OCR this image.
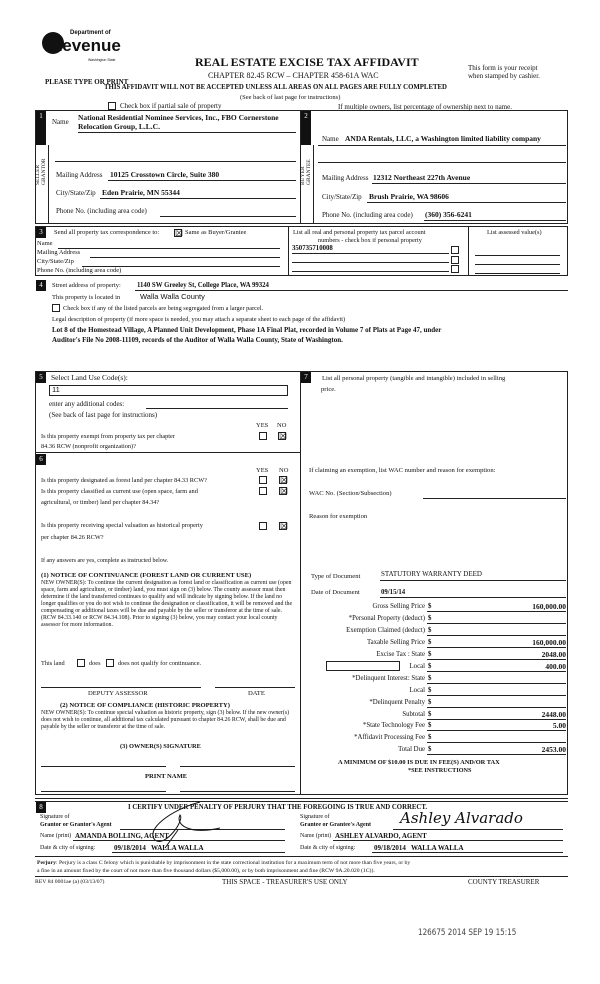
Department of
Revenue
Washington State
PLEASE TYPE OR PRINT
REAL ESTATE EXCISE TAX AFFIDAVIT
CHAPTER 82.45 RCW – CHAPTER 458-61A WAC
This form is your receipt
when stamped by cashier.
THIS AFFIDAVIT WILL NOT BE ACCEPTED UNLESS ALL AREAS ON ALL PAGES ARE FULLY COMPLETED
(See back of last page for instructions)
Check box if partial sale of property	If multiple owners, list percentage of ownership next to name.
1
SELLER GRANTOR
Name National Residential Nominee Services, Inc., FBO Cornerstone
Relocation Group, L.L.C.
Mailing Address 10125 Crosstown Circle, Suite 380
City/State/Zip Eden Prairie, MN 55344
Phone No. (including area code)
2
BUYER GRANTEE
Name ANDA Rentals, LLC, a Washington limited liability company
Mailing Address 12312 Northeast 227th Avenue
City/State/Zip Brush Prairie, WA 98606
Phone No. (including area code) (360) 356-6241
3	Send all property tax correspondence to: ☒ Same as Buyer/Grantee
Name
Mailing Address
City/State/Zip
Phone No. (including area code)
List all real and personal property tax parcel account
numbers - check box if personal property
List assessed value(s)
350735710008
4	Street address of property: 1140 SW Greeley St, College Place, WA 99324
This property is located in	Walla Walla County
Check box if any of the listed parcels are being segregated from a larger parcel.
Legal description of property (if more space is needed, you may attach a separate sheet to each page of the affidavit)
Lot 8 of the Homestead Village, A Planned Unit Development, Phase 1A Final Plat, recorded in Volume 7 of Plats at Page 47, under
Auditor's File No 2008-11109, records of the Auditor of Walla Walla County, State of Washington.
5	Select Land Use Code(s):
11
enter any additional codes:
(See back of last page for instructions)
YES NO
Is this property exempt from property tax per chapter
84.36 RCW (nonprofit organization)?
☒
6
YES NO
Is this property designated as forest land per chapter 84.33 RCW?	☒
Is this property classified as current use (open space, farm and
agricultural, or timber) land per chapter 84.34?
☒
Is this property receiving special valuation as historical property
per chapter 84.26 RCW?
☒
If any answers are yes, complete as instructed below.
(1) NOTICE OF CONTINUANCE (FOREST LAND OR CURRENT USE)
NEW OWNER(S): To continue the current designation as forest land or classification as current use (open space, farm and agriculture, or timber) land, you must sign on (3) below. The county assessor must then determine if the land transferred continues to qualify and will indicate by signing below. If the land no longer qualifies or you do not wish to continue the designation or classification, it will be removed and the compensating or additional taxes will be due and payable by the seller or transferor at the time of sale. (RCW 84.33.140 or RCW 84.34.108). Prior to signing (3) below, you may contact your local county assessor for more information.
This land	does	does not qualify for continuance.
DEPUTY ASSESSOR	DATE
(2) NOTICE OF COMPLIANCE (HISTORIC PROPERTY)
NEW OWNER(S): To continue special valuation as historic property, sign (3) below. If the new owner(s) does not wish to continue, all additional tax calculated pursuant to chapter 84.26 RCW, shall be due and payable by the seller or transferor at the time of sale.
(3) OWNER(S) SIGNATURE
PRINT NAME
7	List all personal property (tangible and intangible) included in selling
price.
If claiming an exemption, list WAC number and reason for exemption:
WAC No. (Section/Subsection)
Reason for exemption
Type of Document	STATUTORY WARRANTY DEED
Date of Document	09/15/14
Gross Selling Price $	160,000.00
*Personal Property (deduct) $
Exemption Claimed (deduct) $
Taxable Selling Price $	160,000.00
Excise Tax : State $	2048.00
Local $	400.00
*Delinquent Interest: State $
Local $
*Delinquent Penalty $
Subtotal $	2448.00
*State Technology Fee $	5.00
*Affidavit Processing Fee $
Total Due $	2453.00
A MINIMUM OF $10.00 IS DUE IN FEE(S) AND/OR TAX
*SEE INSTRUCTIONS
8	I CERTIFY UNDER PENALTY OF PERJURY THAT THE FOREGOING IS TRUE AND CORRECT.
Signature of
Grantor or Grantor's Agent
Name (print) AMANDA BOLLING, AGENT
Date & city of signing:	09/18/2014   WALLA WALLA
Signature of
Grantee or Grantee's Agent Ashley Alvarado
Name (print) ASHLEY ALVARDO, AGENT
Date & city of signing:	09/18/2014   WALLA WALLA
Perjury: Perjury is a class C felony which is punishable by imprisonment in the state correctional institution for a maximum term of not more than five years, or by
a fine in an amount fixed by the court of not more than five thousand dollars ($5,000.00), or by both imprisonment and fine (RCW 9A.20.020 (1C)).
REV 84 0001ae (a) (03/13/07)	THIS SPACE - TREASURER'S USE ONLY	COUNTY TREASURER
126675 2014 SEP 19 15:15
